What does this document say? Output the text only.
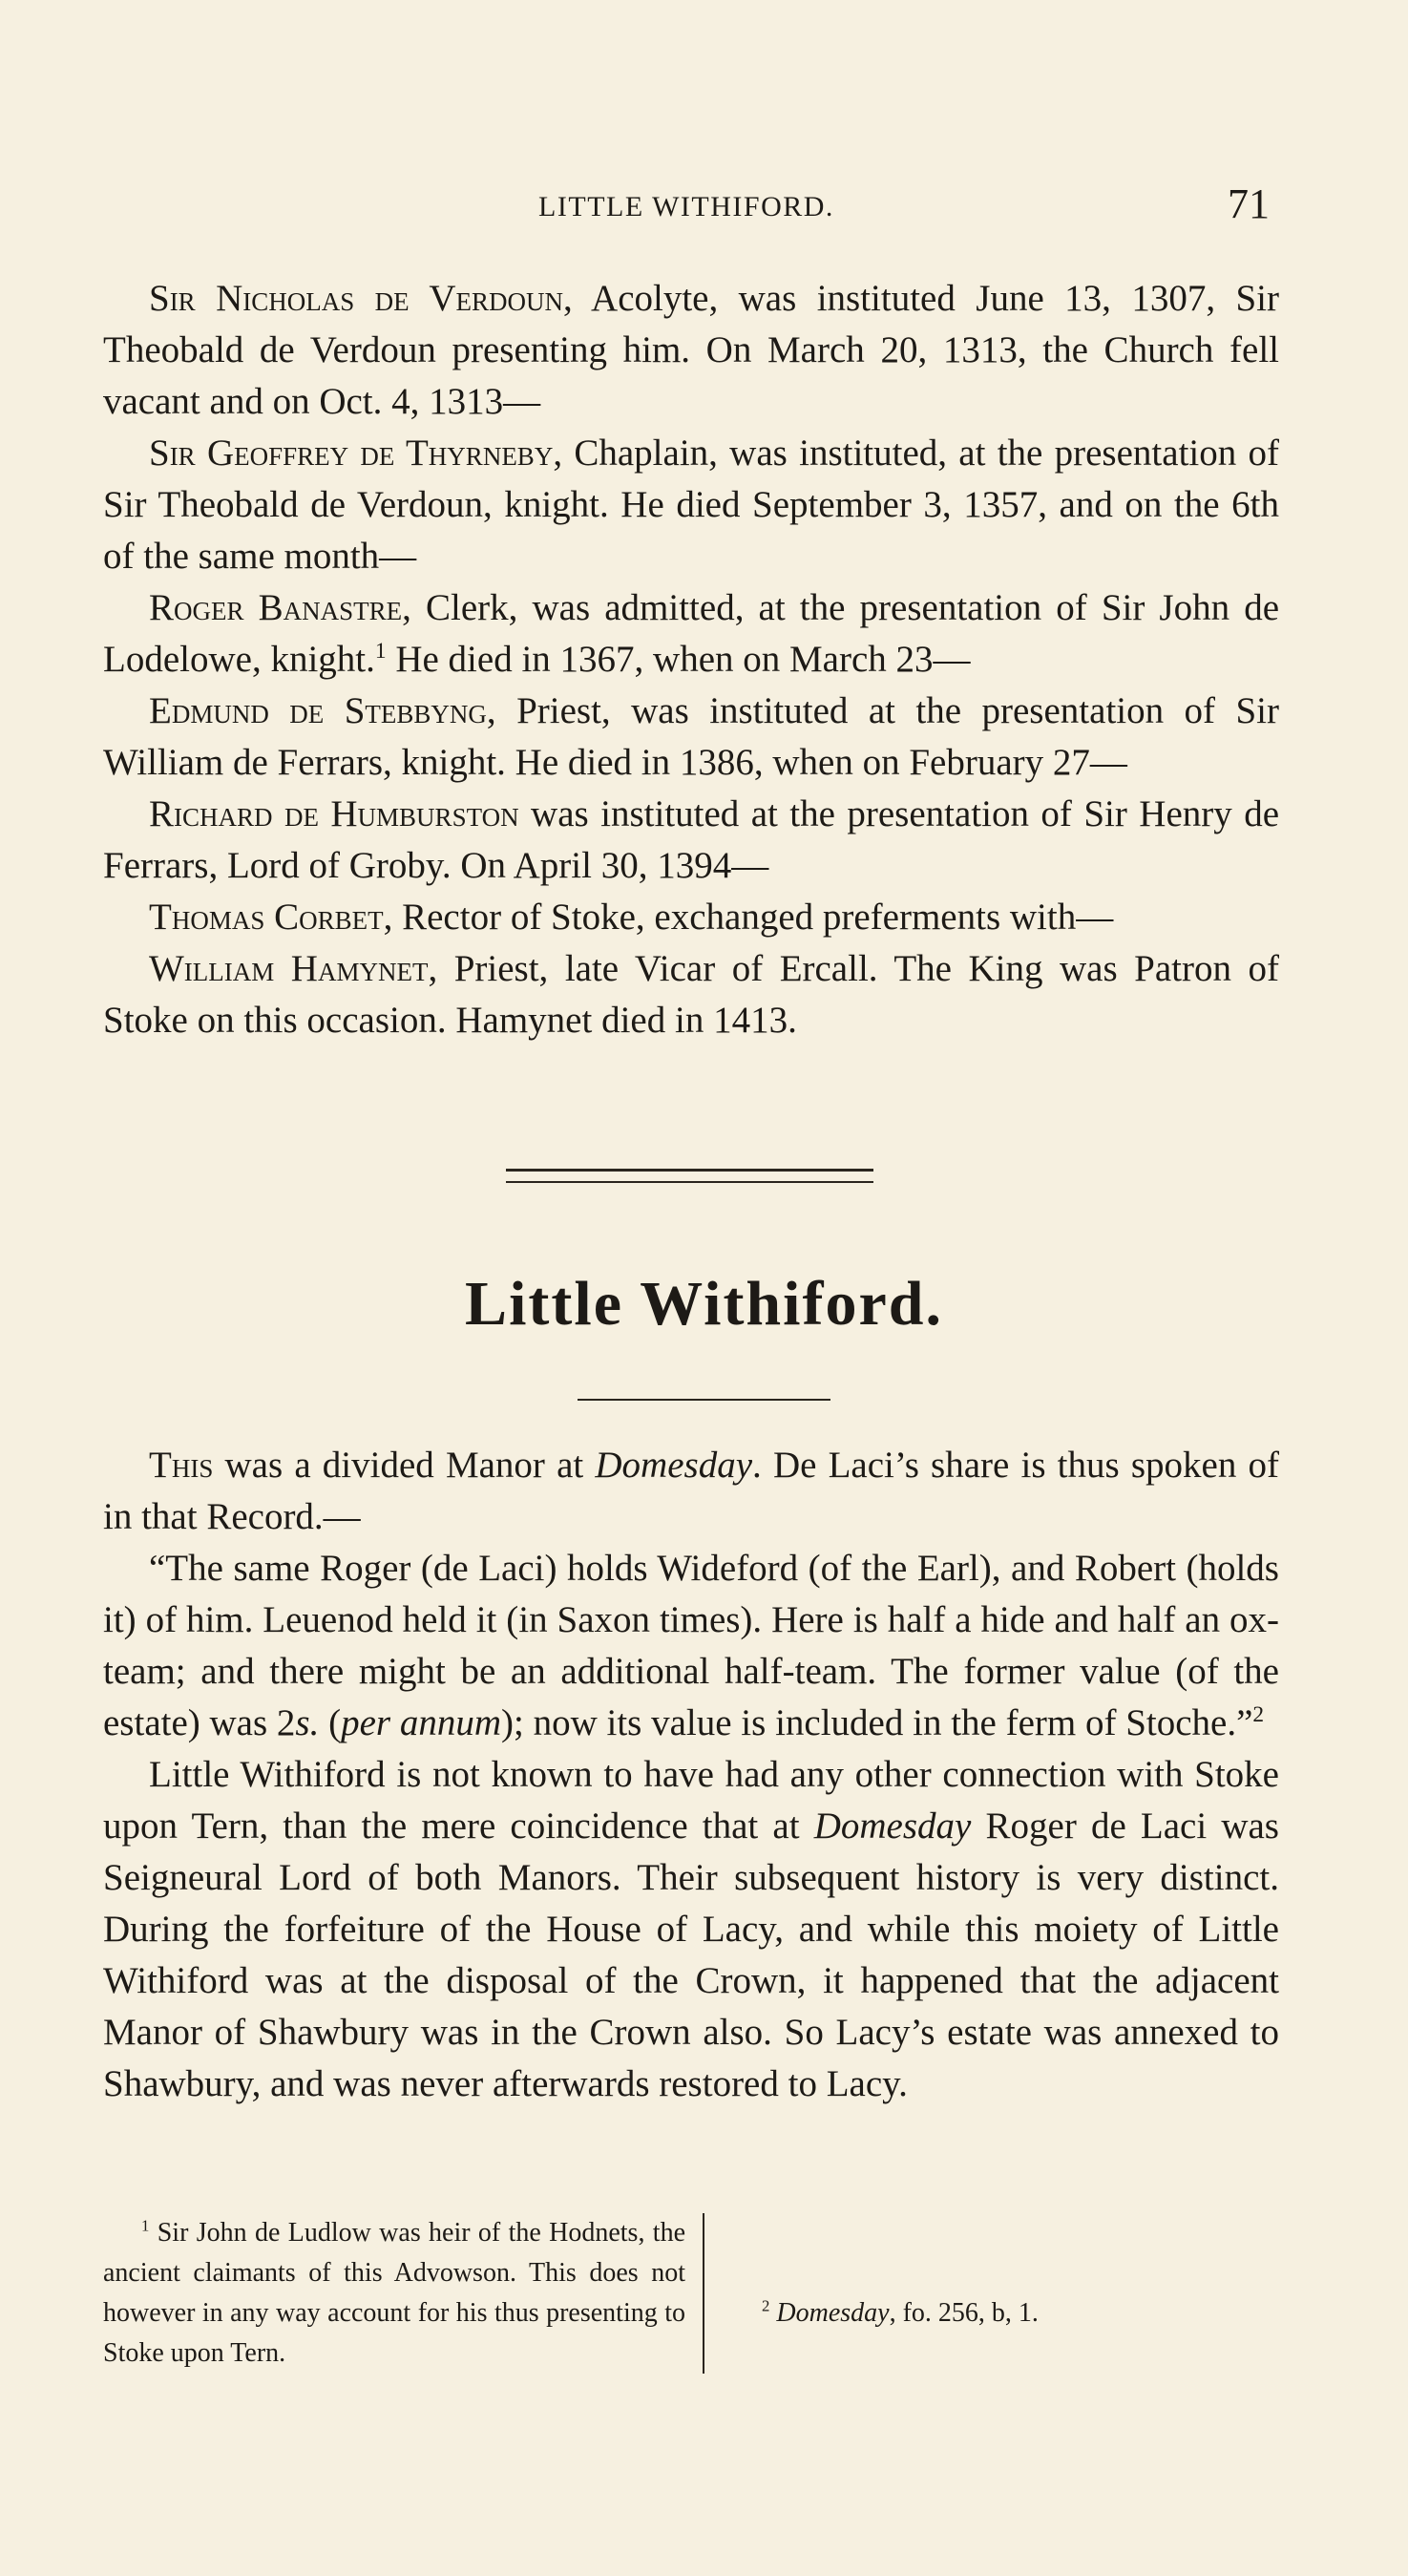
LITTLE WITHIFORD.	71

Sir Nicholas de Verdoun, Acolyte, was instituted June 13, 1307, Sir Theobald de Verdoun presenting him. On March 20, 1313, the Church fell vacant and on Oct. 4, 1313—

Sir Geoffrey de Thyrneby, Chaplain, was instituted, at the presentation of Sir Theobald de Verdoun, knight. He died September 3, 1357, and on the 6th of the same month—

Roger Banastre, Clerk, was admitted, at the presentation of Sir John de Lodelowe, knight.$^1$ He died in 1367, when on March 23—

Edmund de Stebbyng, Priest, was instituted at the presentation of Sir William de Ferrars, knight. He died in 1386, when on February 27—

Richard de Humburston was instituted at the presentation of Sir Henry de Ferrars, Lord of Groby. On April 30, 1394—

Thomas Corbet, Rector of Stoke, exchanged preferments with—

William Hamynet, Priest, late Vicar of Ercall. The King was Patron of Stoke on this occasion. Hamynet died in 1413.

Little Withiford.

This was a divided Manor at Domesday. De Laci’s share is thus spoken of in that Record.—

“The same Roger (de Laci) holds Wideford (of the Earl), and Robert (holds it) of him. Leuenod held it (in Saxon times). Here is half a hide and half an ox-team; and there might be an additional half-team. The former value (of the estate) was 2s. (per annum); now its value is included in the ferm of Stoche.”$^2$

Little Withiford is not known to have had any other connection with Stoke upon Tern, than the mere coincidence that at Domesday Roger de Laci was Seigneural Lord of both Manors. Their subsequent history is very distinct. During the forfeiture of the House of Lacy, and while this moiety of Little Withiford was at the disposal of the Crown, it happened that the adjacent Manor of Shawbury was in the Crown also. So Lacy’s estate was annexed to Shawbury, and was never afterwards restored to Lacy.

$^1$ Sir John de Ludlow was heir of the Hodnets, the ancient claimants of this Advowson. This does not however in any way account for his thus presenting to Stoke upon Tern.

$^2$ Domesday, fo. 256, b, 1.
